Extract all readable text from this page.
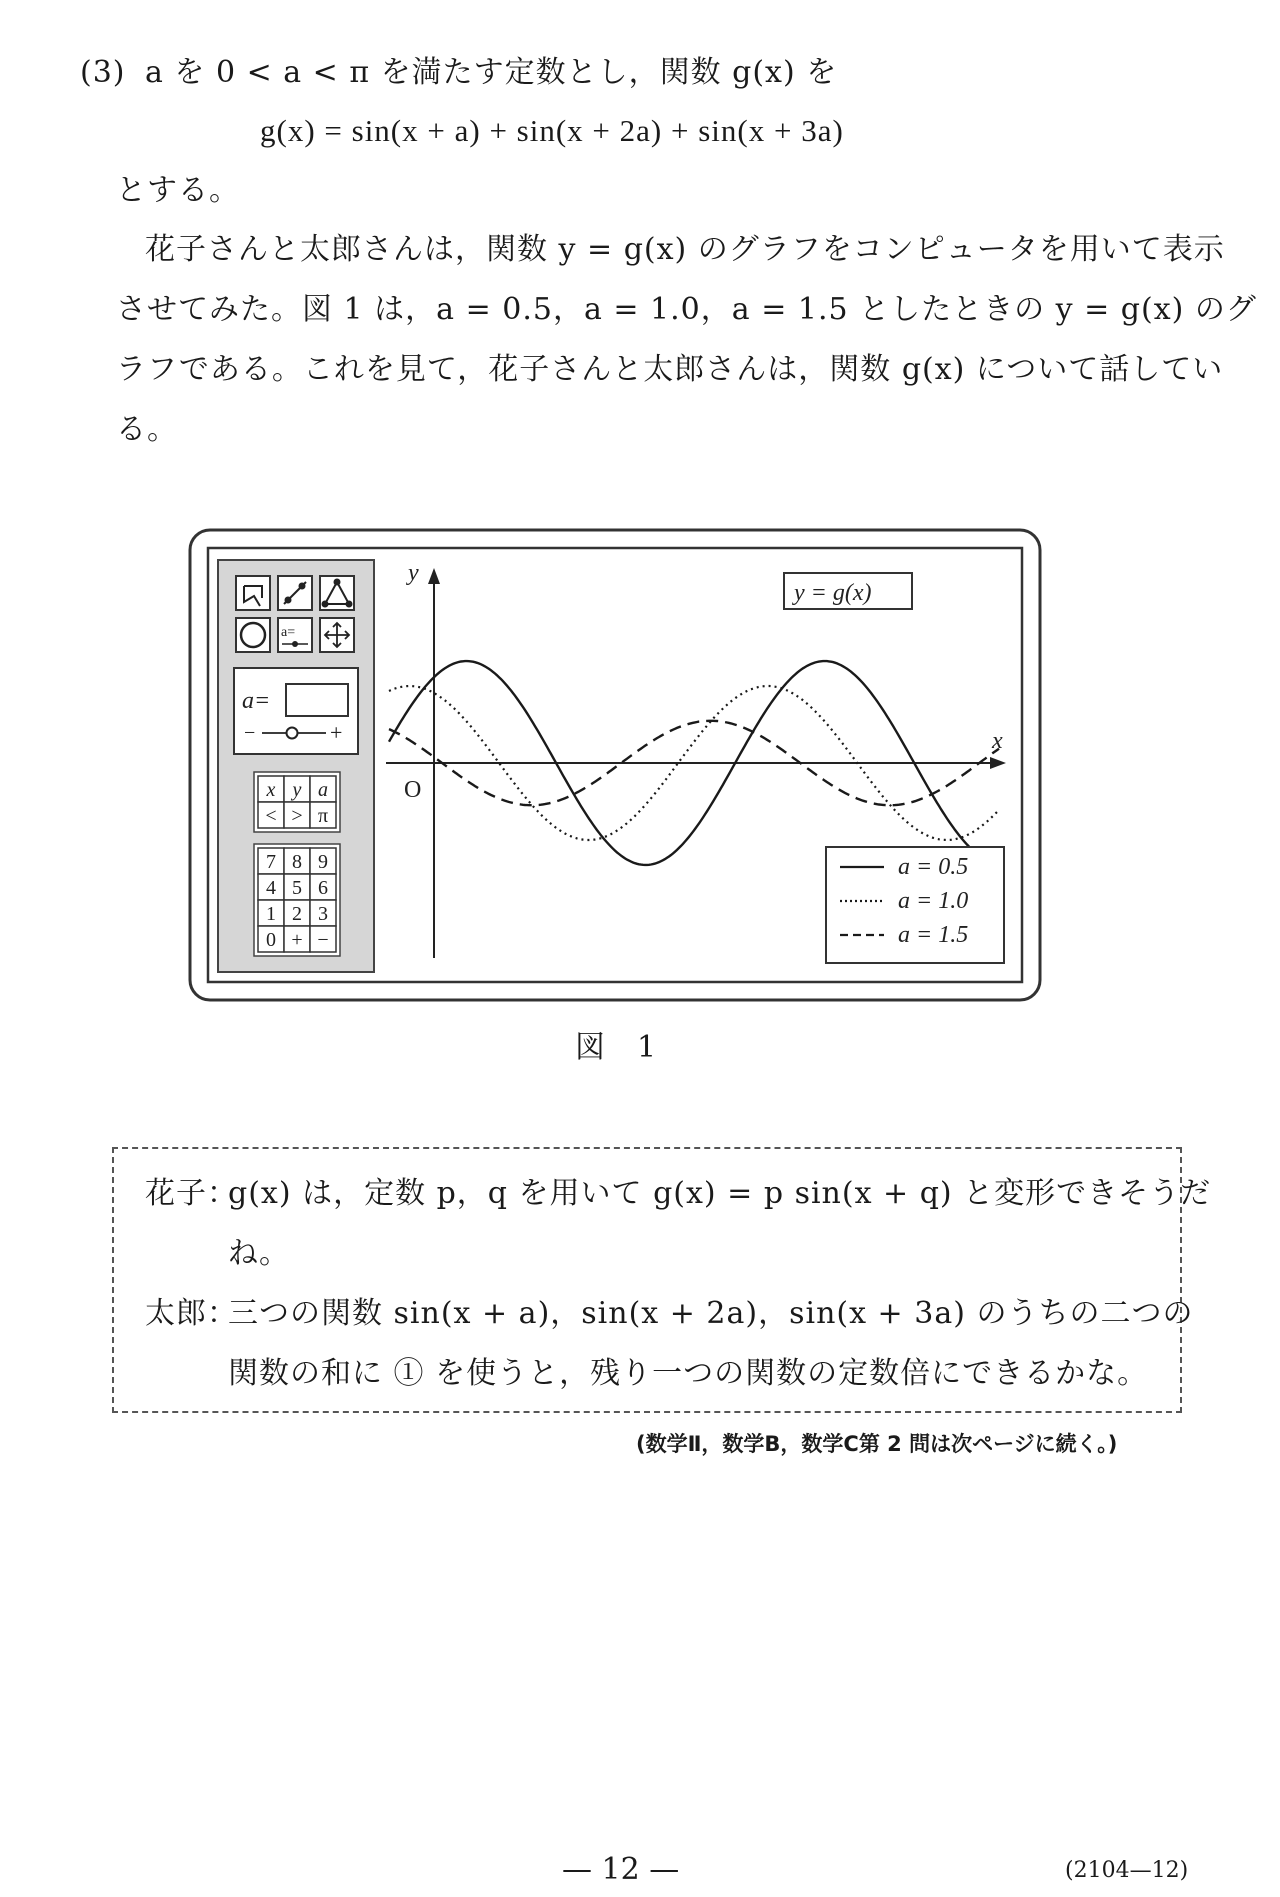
(3) a を 0 < a < π を満たす定数とし，関数 g(x) を
g(x) = sin(x + a) + sin(x + 2a) + sin(x + 3a)
とする。
花子さんと太郎さんは，関数 y = g(x) のグラフをコンピュータを用いて表示
させてみた。図 1 は，a = 0.5，a = 1.0，a = 1.5 としたときの y = g(x) のグ
ラフである。これを見て，花子さんと太郎さんは，関数 g(x) について話してい
る。
a=
a=
−	+
x y a
< > π
7 8 9
4 5 6
1 2 3
0 + −
y
x
O
y = g(x)
a = 0.5
a = 1.0
a = 1.5
図　1
花子：
g(x) は，定数 p，q を用いて g(x) = p sin(x + q) と変形できそうだ
ね。
太郎：
三つの関数 sin(x + a)，sin(x + 2a)，sin(x + 3a) のうちの二つの
関数の和に ① を使うと，残り一つの関数の定数倍にできるかな。
(数学Ⅱ，数学B，数学C第 2 問は次ページに続く。)
— 12 —	(2104—12)
